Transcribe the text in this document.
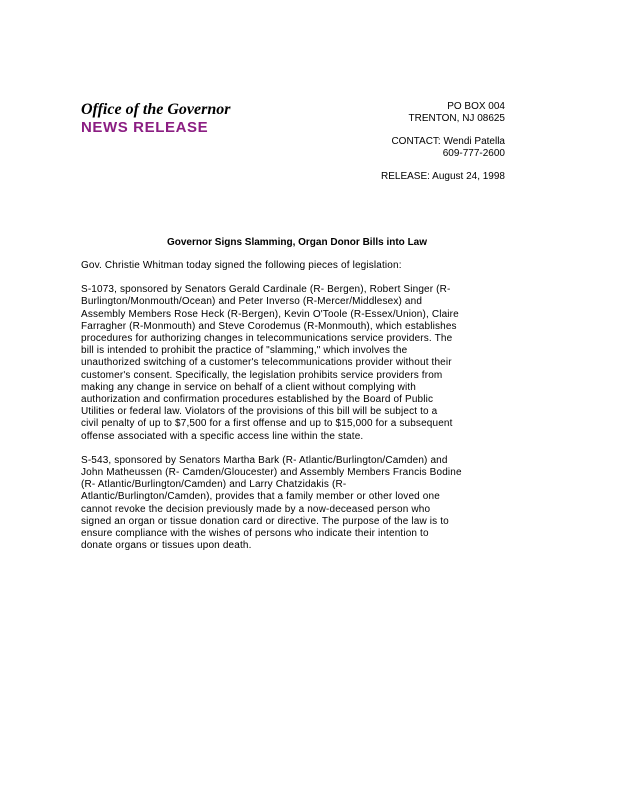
Office of the Governor
NEWS RELEASE
PO BOX 004
TRENTON, NJ 08625
CONTACT: Wendi Patella
609-777-2600
RELEASE: August 24, 1998
Governor Signs Slamming, Organ Donor Bills into Law

Gov. Christie Whitman today signed the following pieces of legislation:

S-1073, sponsored by Senators Gerald Cardinale (R- Bergen), Robert Singer (R-
Burlington/Monmouth/Ocean) and Peter Inverso (R-Mercer/Middlesex) and
Assembly Members Rose Heck (R-Bergen), Kevin O'Toole (R-Essex/Union), Claire
Farragher (R-Monmouth) and Steve Corodemus (R-Monmouth), which establishes
procedures for authorizing changes in telecommunications service providers. The
bill is intended to prohibit the practice of "slamming," which involves the
unauthorized switching of a customer's telecommunications provider without their
customer's consent. Specifically, the legislation prohibits service providers from
making any change in service on behalf of a client without complying with
authorization and confirmation procedures established by the Board of Public
Utilities or federal law. Violators of the provisions of this bill will be subject to a
civil penalty of up to $7,500 for a first offense and up to $15,000 for a subsequent
offense associated with a specific access line within the state.

S-543, sponsored by Senators Martha Bark (R- Atlantic/Burlington/Camden) and
John Matheussen (R- Camden/Gloucester) and Assembly Members Francis Bodine
(R- Atlantic/Burlington/Camden) and Larry Chatzidakis (R-
Atlantic/Burlington/Camden), provides that a family member or other loved one
cannot revoke the decision previously made by a now-deceased person who
signed an organ or tissue donation card or directive. The purpose of the law is to
ensure compliance with the wishes of persons who indicate their intention to
donate organs or tissues upon death.
